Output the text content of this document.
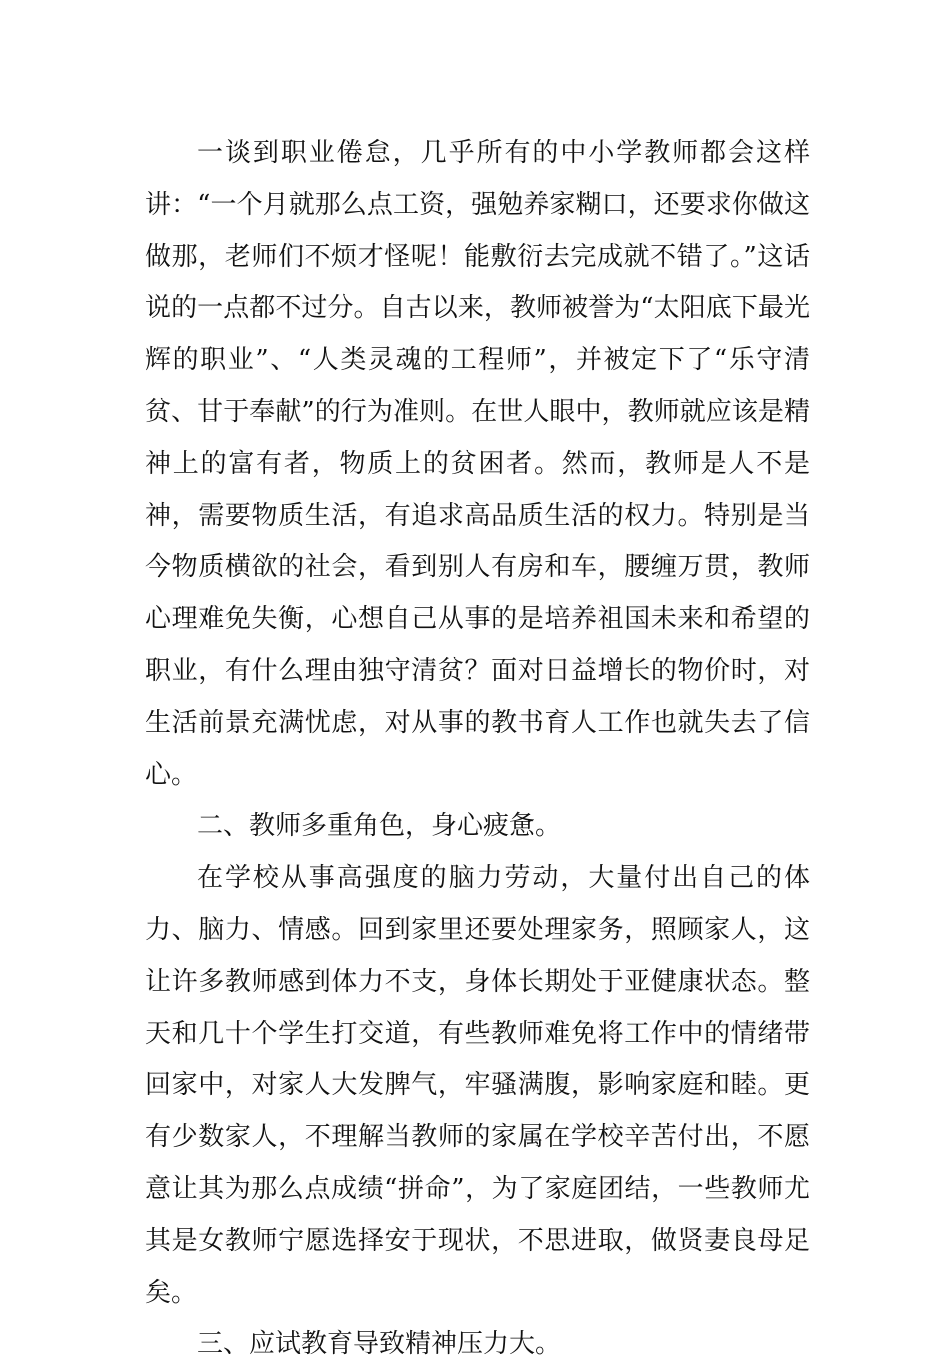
一谈到职业倦怠，几乎所有的中小学教师都会这样讲：“一个月就那么点工资，强勉养家糊口，还要求你做这做那，老师们不烦才怪呢！能敷衍去完成就不错了。”这话说的一点都不过分。自古以来，教师被誉为“太阳底下最光辉的职业”、“人类灵魂的工程师”，并被定下了“乐守清贫、甘于奉献”的行为准则。在世人眼中，教师就应该是精神上的富有者，物质上的贫困者。然而，教师是人不是神，需要物质生活，有追求高品质生活的权力。特别是当今物质横欲的社会，看到别人有房和车，腰缠万贯，教师心理难免失衡，心想自己从事的是培养祖国未来和希望的职业，有什么理由独守清贫？面对日益增长的物价时，对生活前景充满忧虑，对从事的教书育人工作也就失去了信心。

二、教师多重角色，身心疲惫。

在学校从事高强度的脑力劳动，大量付出自己的体力、脑力、情感。回到家里还要处理家务，照顾家人，这让许多教师感到体力不支，身体长期处于亚健康状态。整天和几十个学生打交道，有些教师难免将工作中的情绪带回家中，对家人大发脾气，牢骚满腹，影响家庭和睦。更有少数家人，不理解当教师的家属在学校辛苦付出，不愿意让其为那么点成绩“拼命”，为了家庭团结，一些教师尤其是女教师宁愿选择安于现状，不思进取，做贤妻良母足矣。

三、应试教育导致精神压力大。
